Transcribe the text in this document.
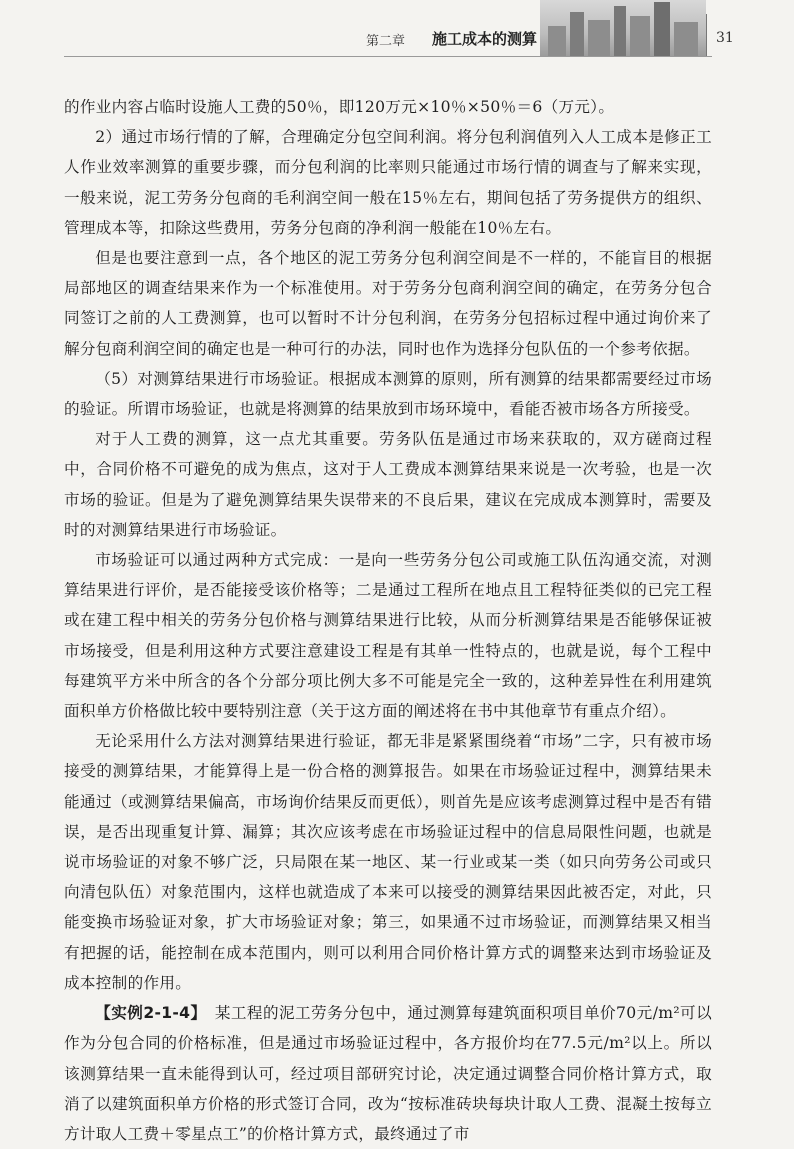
第二章 施工成本的测算	31

的作业内容占临时设施人工费的50％，即120万元×10％×50％＝6（万元）。

2）通过市场行情的了解，合理确定分包空间利润。将分包利润值列入人工成本是修正工人作业效率测算的重要步骤，而分包利润的比率则只能通过市场行情的调查与了解来实现，一般来说，泥工劳务分包商的毛利润空间一般在15％左右，期间包括了劳务提供方的组织、管理成本等，扣除这些费用，劳务分包商的净利润一般能在10％左右。

但是也要注意到一点，各个地区的泥工劳务分包利润空间是不一样的，不能盲目的根据局部地区的调查结果来作为一个标准使用。对于劳务分包商利润空间的确定，在劳务分包合同签订之前的人工费测算，也可以暂时不计分包利润，在劳务分包招标过程中通过询价来了解分包商利润空间的确定也是一种可行的办法，同时也作为选择分包队伍的一个参考依据。

（5）对测算结果进行市场验证。根据成本测算的原则，所有测算的结果都需要经过市场的验证。所谓市场验证，也就是将测算的结果放到市场环境中，看能否被市场各方所接受。

对于人工费的测算，这一点尤其重要。劳务队伍是通过市场来获取的，双方磋商过程中，合同价格不可避免的成为焦点，这对于人工费成本测算结果来说是一次考验，也是一次市场的验证。但是为了避免测算结果失误带来的不良后果，建议在完成成本测算时，需要及时的对测算结果进行市场验证。

市场验证可以通过两种方式完成：一是向一些劳务分包公司或施工队伍沟通交流，对测算结果进行评价，是否能接受该价格等；二是通过工程所在地点且工程特征类似的已完工程或在建工程中相关的劳务分包价格与测算结果进行比较，从而分析测算结果是否能够保证被市场接受，但是利用这种方式要注意建设工程是有其单一性特点的，也就是说，每个工程中每建筑平方米中所含的各个分部分项比例大多不可能是完全一致的，这种差异性在利用建筑面积单方价格做比较中要特别注意（关于这方面的阐述将在书中其他章节有重点介绍）。

无论采用什么方法对测算结果进行验证，都无非是紧紧围绕着“市场”二字，只有被市场接受的测算结果，才能算得上是一份合格的测算报告。如果在市场验证过程中，测算结果未能通过（或测算结果偏高，市场询价结果反而更低），则首先是应该考虑测算过程中是否有错误，是否出现重复计算、漏算；其次应该考虑在市场验证过程中的信息局限性问题，也就是说市场验证的对象不够广泛，只局限在某一地区、某一行业或某一类（如只向劳务公司或只向清包队伍）对象范围内，这样也就造成了本来可以接受的测算结果因此被否定，对此，只能变换市场验证对象，扩大市场验证对象；第三，如果通不过市场验证，而测算结果又相当有把握的话，能控制在成本范围内，则可以利用合同价格计算方式的调整来达到市场验证及成本控制的作用。

【实例2-1-4】　 某工程的泥工劳务分包中，通过测算每建筑面积项目单价70元/m²可以作为分包合同的价格标准，但是通过市场验证过程中，各方报价均在77.5元/m²以上。所以该测算结果一直未能得到认可，经过项目部研究讨论，决定通过调整合同价格计算方式，取消了以建筑面积单方价格的形式签订合同，改为“按标准砖块每块计取人工费、混凝土按每立方计取人工费＋零星点工”的价格计算方式，最终通过了市
